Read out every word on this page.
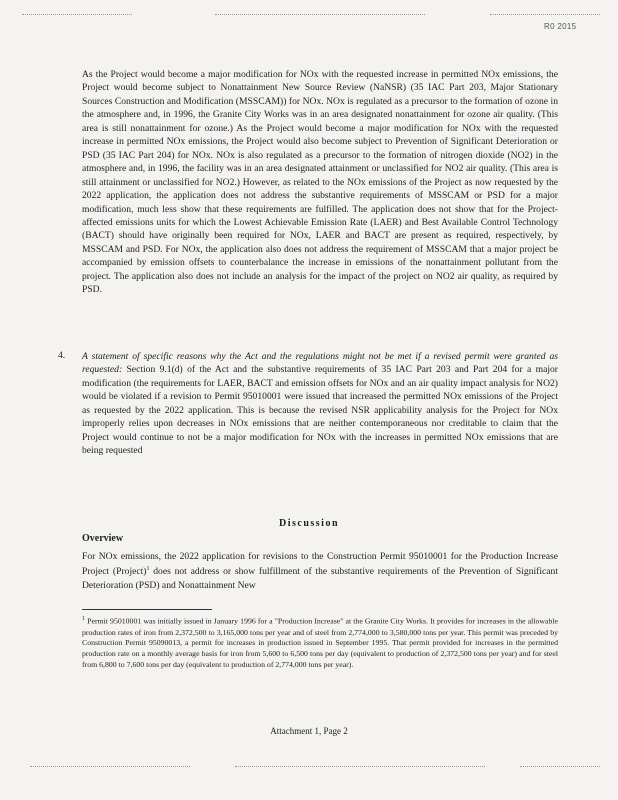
R0 2015

As the Project would become a major modification for NOx with the requested increase in permitted NOx emissions, the Project would become subject to Nonattainment New Source Review (NaNSR) (35 IAC Part 203, Major Stationary Sources Construction and Modification (MSSCAM)) for NOx. NOx is regulated as a precursor to the formation of ozone in the atmosphere and, in 1996, the Granite City Works was in an area designated nonattainment for ozone air quality. (This area is still nonattainment for ozone.) As the Project would become a major modification for NOx with the requested increase in permitted NOx emissions, the Project would also become subject to Prevention of Significant Deterioration or PSD (35 IAC Part 204) for NOx. NOx is also regulated as a precursor to the formation of nitrogen dioxide (NO2) in the atmosphere and, in 1996, the facility was in an area designated attainment or unclassified for NO2 air quality. (This area is still attainment or unclassified for NO2.) However, as related to the NOx emissions of the Project as now requested by the 2022 application, the application does not address the substantive requirements of MSSCAM or PSD for a major modification, much less show that these requirements are fulfilled. The application does not show that for the Project-affected emissions units for which the Lowest Achievable Emission Rate (LAER) and Best Available Control Technology (BACT) should have originally been required for NOx, LAER and BACT are present as required, respectively, by MSSCAM and PSD. For NOx, the application also does not address the requirement of MSSCAM that a major project be accompanied by emission offsets to counterbalance the increase in emissions of the nonattainment pollutant from the project. The application also does not include an analysis for the impact of the project on NO2 air quality, as required by PSD.

4. A statement of specific reasons why the Act and the regulations might not be met if a revised permit were granted as requested: Section 9.1(d) of the Act and the substantive requirements of 35 IAC Part 203 and Part 204 for a major modification (the requirements for LAER, BACT and emission offsets for NOx and an air quality impact analysis for NO2) would be violated if a revision to Permit 95010001 were issued that increased the permitted NOx emissions of the Project as requested by the 2022 application. This is because the revised NSR applicability analysis for the Project for NOx improperly relies upon decreases in NOx emissions that are neither contemporaneous nor creditable to claim that the Project would continue to not be a major modification for NOx with the increases in permitted NOx emissions that are being requested

Discussion
Overview

For NOx emissions, the 2022 application for revisions to the Construction Permit 95010001 for the Production Increase Project (Project)$^1$ does not address or show fulfillment of the substantive requirements of the Prevention of Significant Deterioration (PSD) and Nonattainment New

$^1$ Permit 95010001 was initially issued in January 1996 for a "Production Increase" at the Granite City Works. It provides for increases in the allowable production rates of iron from 2,372,500 to 3,165,000 tons per year and of steel from 2,774,000 to 3,580,000 tons per year. This permit was preceded by Construction Permit 95090013, a permit for increases in production issued in September 1995. That permit provided for increases in the permitted production rate on a monthly average basis for iron from 5,600 to 6,500 tons per day (equivalent to production of 2,372,500 tons per year) and for steel from 6,800 to 7,600 tons per day (equivalent to production of 2,774,000 tons per year).

Attachment 1, Page 2
